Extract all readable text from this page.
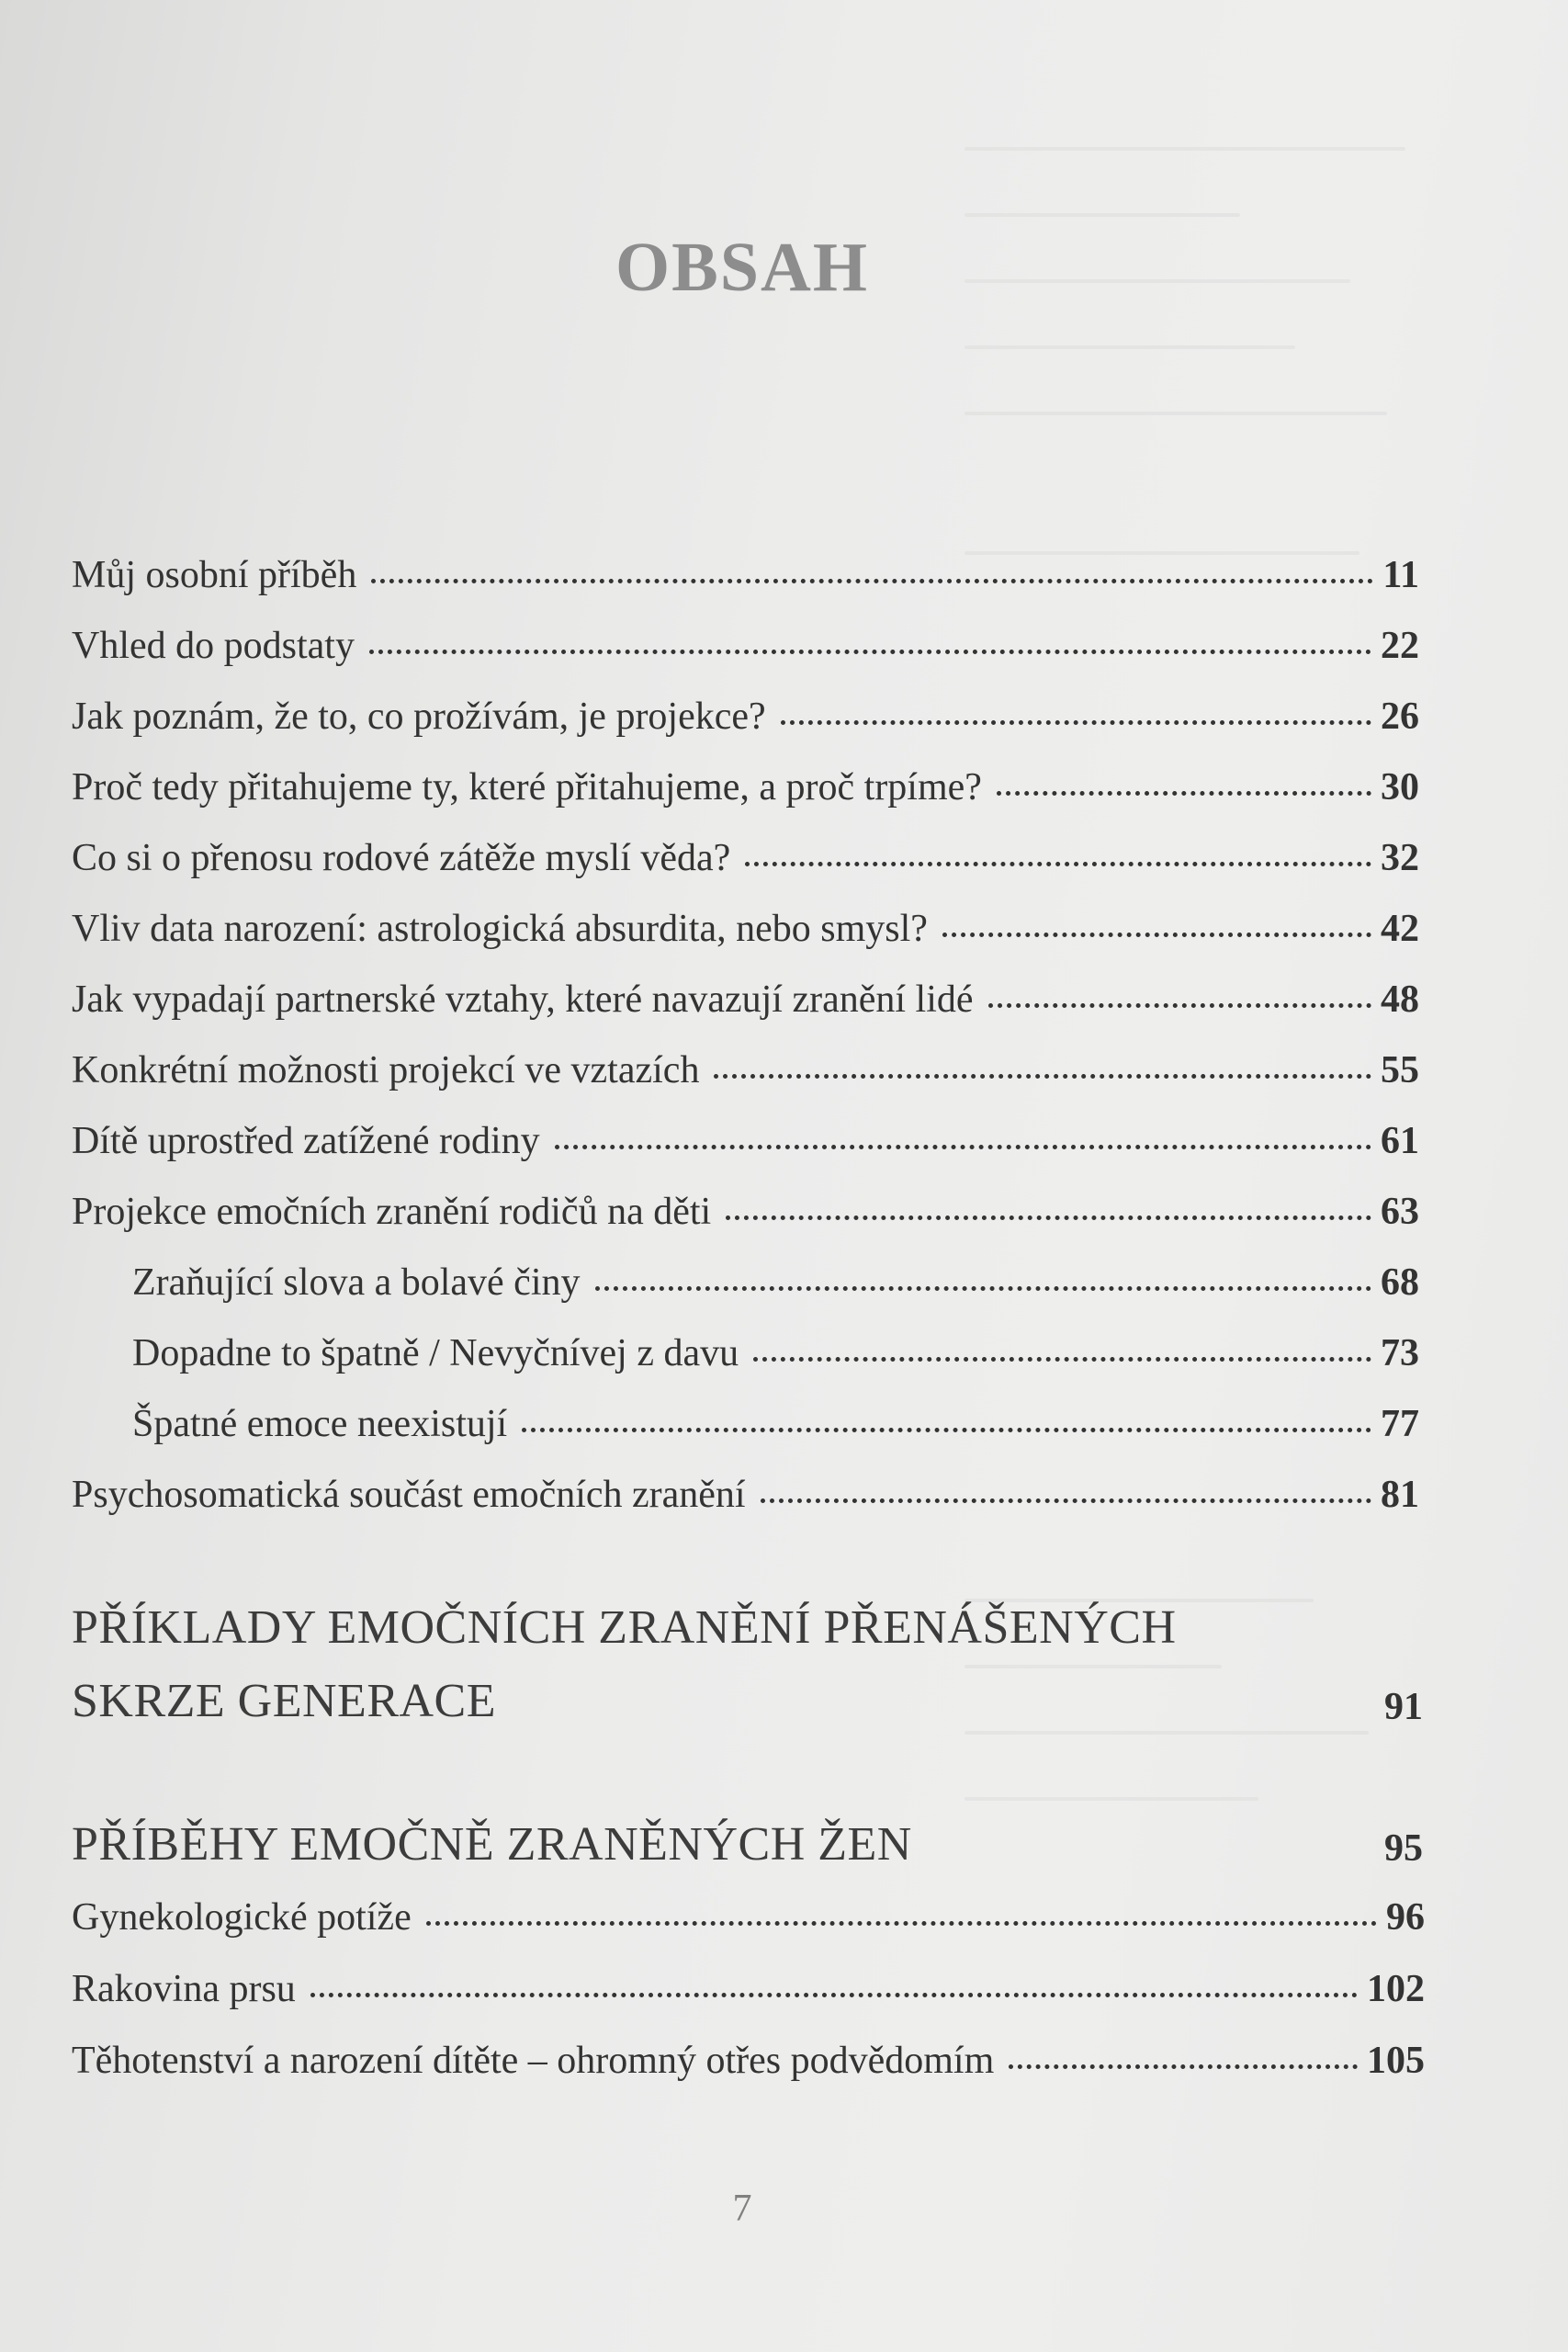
OBSAH
Můj osobní příběh	11
Vhled do podstaty	22
Jak poznám, že to, co prožívám, je projekce?	26
Proč tedy přitahujeme ty, které přitahujeme, a proč trpíme?	30
Co si o přenosu rodové zátěže myslí věda?	32
Vliv data narození: astrologická absurdita, nebo smysl?	42
Jak vypadají partnerské vztahy, které navazují zranění lidé	48
Konkrétní možnosti projekcí ve vztazích	55
Dítě uprostřed zatížené rodiny	61
Projekce emočních zranění rodičů na děti	63
Zraňující slova a bolavé činy	68
Dopadne to špatně / Nevyčnívej z davu	73
Špatné emoce neexistují	77
Psychosomatická součást emočních zranění	81
PŘÍKLADY EMOČNÍCH ZRANĚNÍ PŘENÁŠENÝCH
SKRZE GENERACE	91
PŘÍBĚHY EMOČNĚ ZRANĚNÝCH ŽEN	95
Gynekologické potíže	96
Rakovina prsu	102
Těhotenství a narození dítěte – ohromný otřes podvědomím	105
7
